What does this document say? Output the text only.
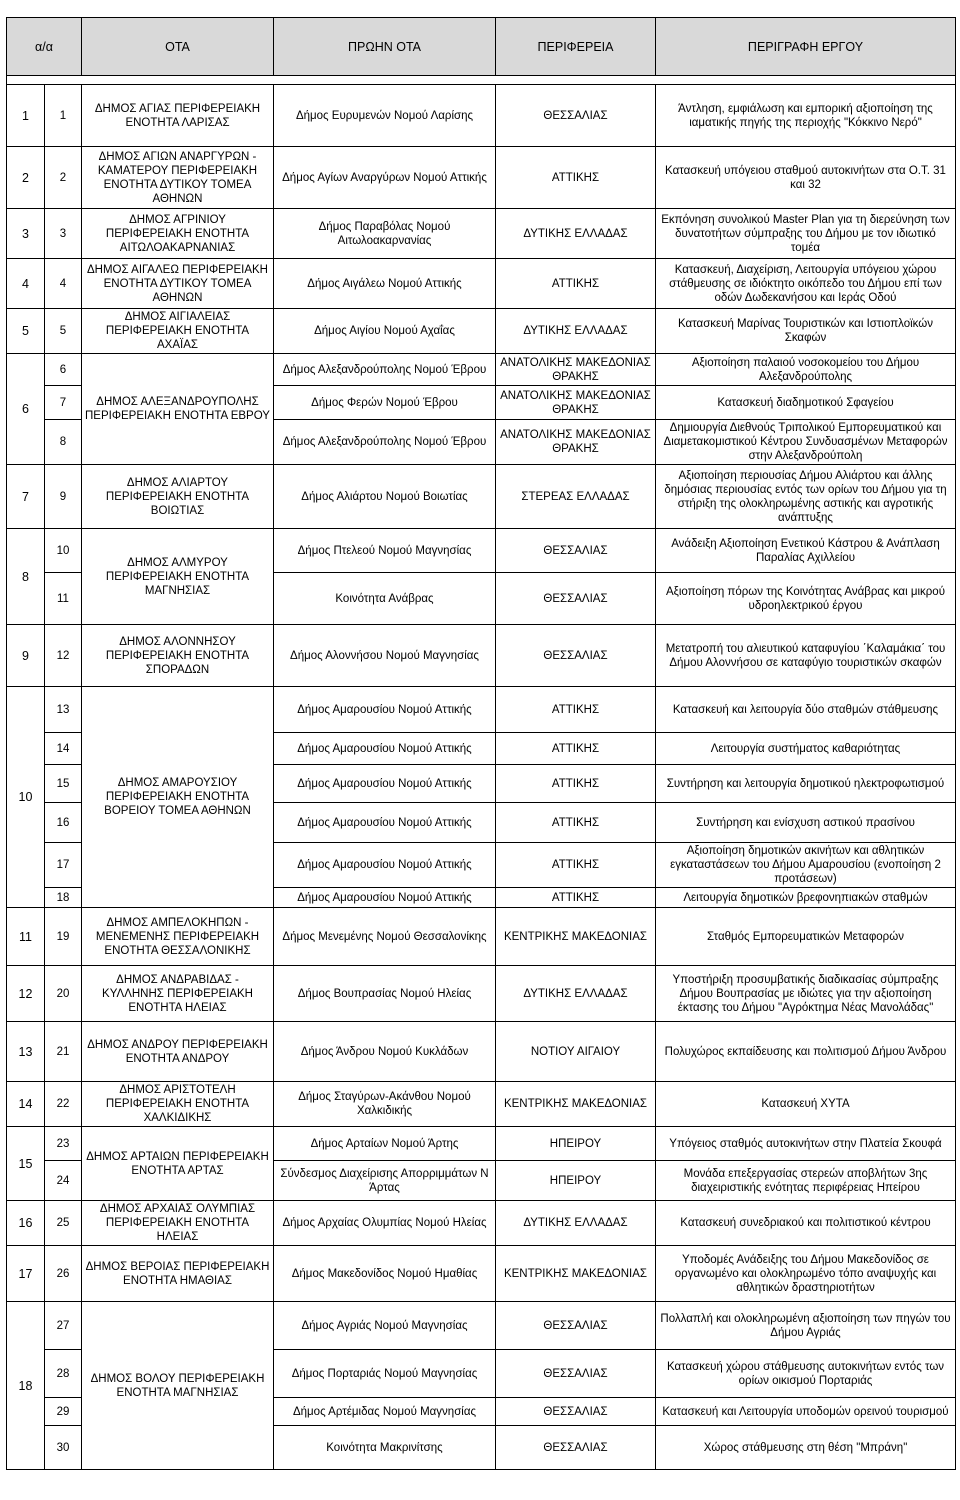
α/α		ΟΤΑ	ΠΡΩΗΝ ΟΤΑ	ΠΕΡΙΦΕΡΕΙΑ	ΠΕΡΙΓΡΑΦΗ ΕΡΓΟΥ

1	1	ΔΗΜΟΣ ΑΓΙΑΣ ΠΕΡΙΦΕΡΕΙΑΚΗ ΕΝΟΤΗΤΑ ΛΑΡΙΣΑΣ	Δήμος Ευρυμενών Νομού Λαρίσης	ΘΕΣΣΑΛΙΑΣ	Άντληση, εμφιάλωση και εμπορική αξιοποίηση της ιαματικής πηγής της περιοχής "Κόκκινο Νερό"
2	2	ΔΗΜΟΣ ΑΓΙΩΝ ΑΝΑΡΓΥΡΩΝ - ΚΑΜΑΤΕΡΟΥ ΠΕΡΙΦΕΡΕΙΑΚΗ ΕΝΟΤΗΤΑ ΔΥΤΙΚΟΥ ΤΟΜΕΑ ΑΘΗΝΩΝ	Δήμος Αγίων Αναργύρων Νομού Αττικής	ΑΤΤΙΚΗΣ	Κατασκευή υπόγειου σταθμού αυτοκινήτων στα Ο.Τ. 31 και 32
3	3	ΔΗΜΟΣ ΑΓΡΙΝΙΟΥ ΠΕΡΙΦΕΡΕΙΑΚΗ ΕΝΟΤΗΤΑ ΑΙΤΩΛΟΑΚΑΡΝΑΝΙΑΣ	Δήμος Παραβόλας Νομού Αιτωλοακαρνανίας	ΔΥΤΙΚΗΣ ΕΛΛΑΔΑΣ	Εκπόνηση συνολικού Master Plan για τη διερεύνηση των δυνατοτήτων σύμπραξης του Δήμου με τον ιδιωτικό τομέα
4	4	ΔΗΜΟΣ ΑΙΓΑΛΕΩ ΠΕΡΙΦΕΡΕΙΑΚΗ ΕΝΟΤΗΤΑ ΔΥΤΙΚΟΥ ΤΟΜΕΑ ΑΘΗΝΩΝ	Δήμος Αιγάλεω Νομού Αττικής	ΑΤΤΙΚΗΣ	Κατασκευή, Διαχείριση, Λειτουργία υπόγειου χώρου στάθμευσης σε ιδιόκτητο οικόπεδο του Δήμου επί των οδών Δωδεκανήσου και Ιεράς Οδού
5	5	ΔΗΜΟΣ ΑΙΓΙΑΛΕΙΑΣ ΠΕΡΙΦΕΡΕΙΑΚΗ ΕΝΟΤΗΤΑ ΑΧΑΪΑΣ	Δήμος Αιγίου Νομού Αχαΐας	ΔΥΤΙΚΗΣ ΕΛΛΑΔΑΣ	Κατασκευή Μαρίνας Τουριστικών και Ιστιοπλοϊκών Σκαφών
6	6	ΔΗΜΟΣ ΑΛΕΞΑΝΔΡΟΥΠΟΛΗΣ ΠΕΡΙΦΕΡΕΙΑΚΗ ΕΝΟΤΗΤΑ ΕΒΡΟΥ	Δήμος Αλεξανδρούπολης Νομού Έβρου	ΑΝΑΤΟΛΙΚΗΣ ΜΑΚΕΔΟΝΙΑΣ ΘΡΑΚΗΣ	Αξιοποίηση παλαιού νοσοκομείου του Δήμου Αλεξανδρούπολης
	7		Δήμος Φερών Νομού Έβρου	ΑΝΑΤΟΛΙΚΗΣ ΜΑΚΕΔΟΝΙΑΣ ΘΡΑΚΗΣ	Κατασκευή διαδημοτικού Σφαγείου
	8		Δήμος Αλεξανδρούπολης Νομού Έβρου	ΑΝΑΤΟΛΙΚΗΣ ΜΑΚΕΔΟΝΙΑΣ ΘΡΑΚΗΣ	Δημιουργία Διεθνούς Τριπολικού Εμπορευματικού και Διαμετακομιστικού Κέντρου Συνδυασμένων Μεταφορών στην Αλεξανδρούπολη
7	9	ΔΗΜΟΣ ΑΛΙΑΡΤΟΥ ΠΕΡΙΦΕΡΕΙΑΚΗ ΕΝΟΤΗΤΑ ΒΟΙΩΤΙΑΣ	Δήμος Αλιάρτου Νομού Βοιωτίας	ΣΤΕΡΕΑΣ ΕΛΛΑΔΑΣ	Αξιοποίηση περιουσίας Δήμου Αλιάρτου και άλλης δημόσιας περιουσίας εντός των ορίων του Δήμου για τη στήριξη της ολοκληρωμένης αστικής και αγροτικής ανάπτυξης
8	10	ΔΗΜΟΣ ΑΛΜΥΡΟΥ ΠΕΡΙΦΕΡΕΙΑΚΗ ΕΝΟΤΗΤΑ ΜΑΓΝΗΣΙΑΣ	Δήμος Πτελεού Νομού Μαγνησίας	ΘΕΣΣΑΛΙΑΣ	Ανάδειξη Αξιοποίηση Ενετικού Κάστρου & Ανάπλαση Παραλίας Αχιλλείου
	11		Κοινότητα Ανάβρας	ΘΕΣΣΑΛΙΑΣ	Αξιοποίηση πόρων της Κοινότητας Ανάβρας και μικρού υδροηλεκτρικού έργου
9	12	ΔΗΜΟΣ ΑΛΟΝΝΗΣΟΥ ΠΕΡΙΦΕΡΕΙΑΚΗ ΕΝΟΤΗΤΑ ΣΠΟΡΑΔΩΝ	Δήμος Αλοννήσου Νομού Μαγνησίας	ΘΕΣΣΑΛΙΑΣ	Μετατροπή του αλιευτικού καταφυγίου ΄Καλαμάκια΄ του Δήμου Αλοννήσου σε καταφύγιο τουριστικών σκαφών
10	13	ΔΗΜΟΣ ΑΜΑΡΟΥΣΙΟΥ ΠΕΡΙΦΕΡΕΙΑΚΗ ΕΝΟΤΗΤΑ ΒΟΡΕΙΟΥ ΤΟΜΕΑ ΑΘΗΝΩΝ	Δήμος Αμαρουσίου Νομού Αττικής	ΑΤΤΙΚΗΣ	Κατασκευή και λειτουργία δύο σταθμών στάθμευσης
	14		Δήμος Αμαρουσίου Νομού Αττικής	ΑΤΤΙΚΗΣ	Λειτουργία συστήματος καθαριότητας
	15		Δήμος Αμαρουσίου Νομού Αττικής	ΑΤΤΙΚΗΣ	Συντήρηση και λειτουργία δημοτικού ηλεκτροφωτισμού
	16		Δήμος Αμαρουσίου Νομού Αττικής	ΑΤΤΙΚΗΣ	Συντήρηση και ενίσχυση αστικού πρασίνου
	17		Δήμος Αμαρουσίου Νομού Αττικής	ΑΤΤΙΚΗΣ	Αξιοποίηση δημοτικών ακινήτων και αθλητικών εγκαταστάσεων του Δήμου Αμαρουσίου (ενοποίηση 2 προτάσεων)
	18		Δήμος Αμαρουσίου Νομού Αττικής	ΑΤΤΙΚΗΣ	Λειτουργία δημοτικών βρεφονηπιακών σταθμών
11	19	ΔΗΜΟΣ ΑΜΠΕΛΟΚΗΠΩΝ - ΜΕΝΕΜΕΝΗΣ ΠΕΡΙΦΕΡΕΙΑΚΗ ΕΝΟΤΗΤΑ ΘΕΣΣΑΛΟΝΙΚΗΣ	Δήμος Μενεμένης Νομού Θεσσαλονίκης	ΚΕΝΤΡΙΚΗΣ ΜΑΚΕΔΟΝΙΑΣ	Σταθμός Εμπορευματικών Μεταφορών
12	20	ΔΗΜΟΣ ΑΝΔΡΑΒΙΔΑΣ - ΚΥΛΛΗΝΗΣ ΠΕΡΙΦΕΡΕΙΑΚΗ ΕΝΟΤΗΤΑ ΗΛΕΙΑΣ	Δήμος Βουπρασίας Νομού Ηλείας	ΔΥΤΙΚΗΣ ΕΛΛΑΔΑΣ	Υποστήριξη προσυμβατικής διαδικασίας σύμπραξης Δήμου Βουπρασίας με ιδιώτες για την αξιοποίηση έκτασης του Δήμου "Αγρόκτημα Νέας Μανολάδας"
13	21	ΔΗΜΟΣ ΑΝΔΡΟΥ ΠΕΡΙΦΕΡΕΙΑΚΗ ΕΝΟΤΗΤΑ ΑΝΔΡΟΥ	Δήμος Άνδρου Νομού Κυκλάδων	ΝΟΤΙΟΥ ΑΙΓΑΙΟΥ	Πολυχώρος εκπαίδευσης και πολιτισμού Δήμου Άνδρου
14	22	ΔΗΜΟΣ ΑΡΙΣΤΟΤΕΛΗ ΠΕΡΙΦΕΡΕΙΑΚΗ ΕΝΟΤΗΤΑ ΧΑΛΚΙΔΙΚΗΣ	Δήμος Σταγύρων-Ακάνθου Νομού Χαλκιδικής	ΚΕΝΤΡΙΚΗΣ ΜΑΚΕΔΟΝΙΑΣ	Κατασκευή ΧΥΤΑ
15	23	ΔΗΜΟΣ ΑΡΤΑΙΩΝ ΠΕΡΙΦΕΡΕΙΑΚΗ ΕΝΟΤΗΤΑ ΑΡΤΑΣ	Δήμος Αρταίων Νομού Άρτης	ΗΠΕΙΡΟΥ	Υπόγειος σταθμός αυτοκινήτων στην Πλατεία Σκουφά
	24		Σύνδεσμος Διαχείρισης Απορριμμάτων Ν Άρτας	ΗΠΕΙΡΟΥ	Μονάδα επεξεργασίας στερεών αποβλήτων 3ης διαχειριστικής ενότητας περιφέρειας Ηπείρου
16	25	ΔΗΜΟΣ ΑΡΧΑΙΑΣ ΟΛΥΜΠΙΑΣ ΠΕΡΙΦΕΡΕΙΑΚΗ ΕΝΟΤΗΤΑ ΗΛΕΙΑΣ	Δήμος Αρχαίας Ολυμπίας Νομού Ηλείας	ΔΥΤΙΚΗΣ ΕΛΛΑΔΑΣ	Κατασκευή συνεδριακού και πολιτιστικού κέντρου
17	26	ΔΗΜΟΣ ΒΕΡΟΙΑΣ ΠΕΡΙΦΕΡΕΙΑΚΗ ΕΝΟΤΗΤΑ ΗΜΑΘΙΑΣ	Δήμος Μακεδονίδος Νομού Ημαθίας	ΚΕΝΤΡΙΚΗΣ ΜΑΚΕΔΟΝΙΑΣ	Υποδομές Ανάδειξης του Δήμου Μακεδονίδος σε οργανωμένο και ολοκληρωμένο τόπο αναψυχής και αθλητικών δραστηριοτήτων
18	27	ΔΗΜΟΣ ΒΟΛΟΥ ΠΕΡΙΦΕΡΕΙΑΚΗ ΕΝΟΤΗΤΑ ΜΑΓΝΗΣΙΑΣ	Δήμος Αγριάς Νομού Μαγνησίας	ΘΕΣΣΑΛΙΑΣ	Πολλαπλή και ολοκληρωμένη αξιοποίηση των πηγών του Δήμου Αγριάς
	28		Δήμος Πορταριάς Νομού Μαγνησίας	ΘΕΣΣΑΛΙΑΣ	Κατασκευή χώρου στάθμευσης αυτοκινήτων εντός των ορίων οικισμού Πορταριάς
	29		Δήμος Αρτέμιδας Νομού Μαγνησίας	ΘΕΣΣΑΛΙΑΣ	Κατασκευή και Λειτουργία υποδομών ορεινού τουρισμού
	30		Κοινότητα Μακρινίτσης	ΘΕΣΣΑΛΙΑΣ	Χώρος στάθμευσης στη θέση "Μπράνη"
